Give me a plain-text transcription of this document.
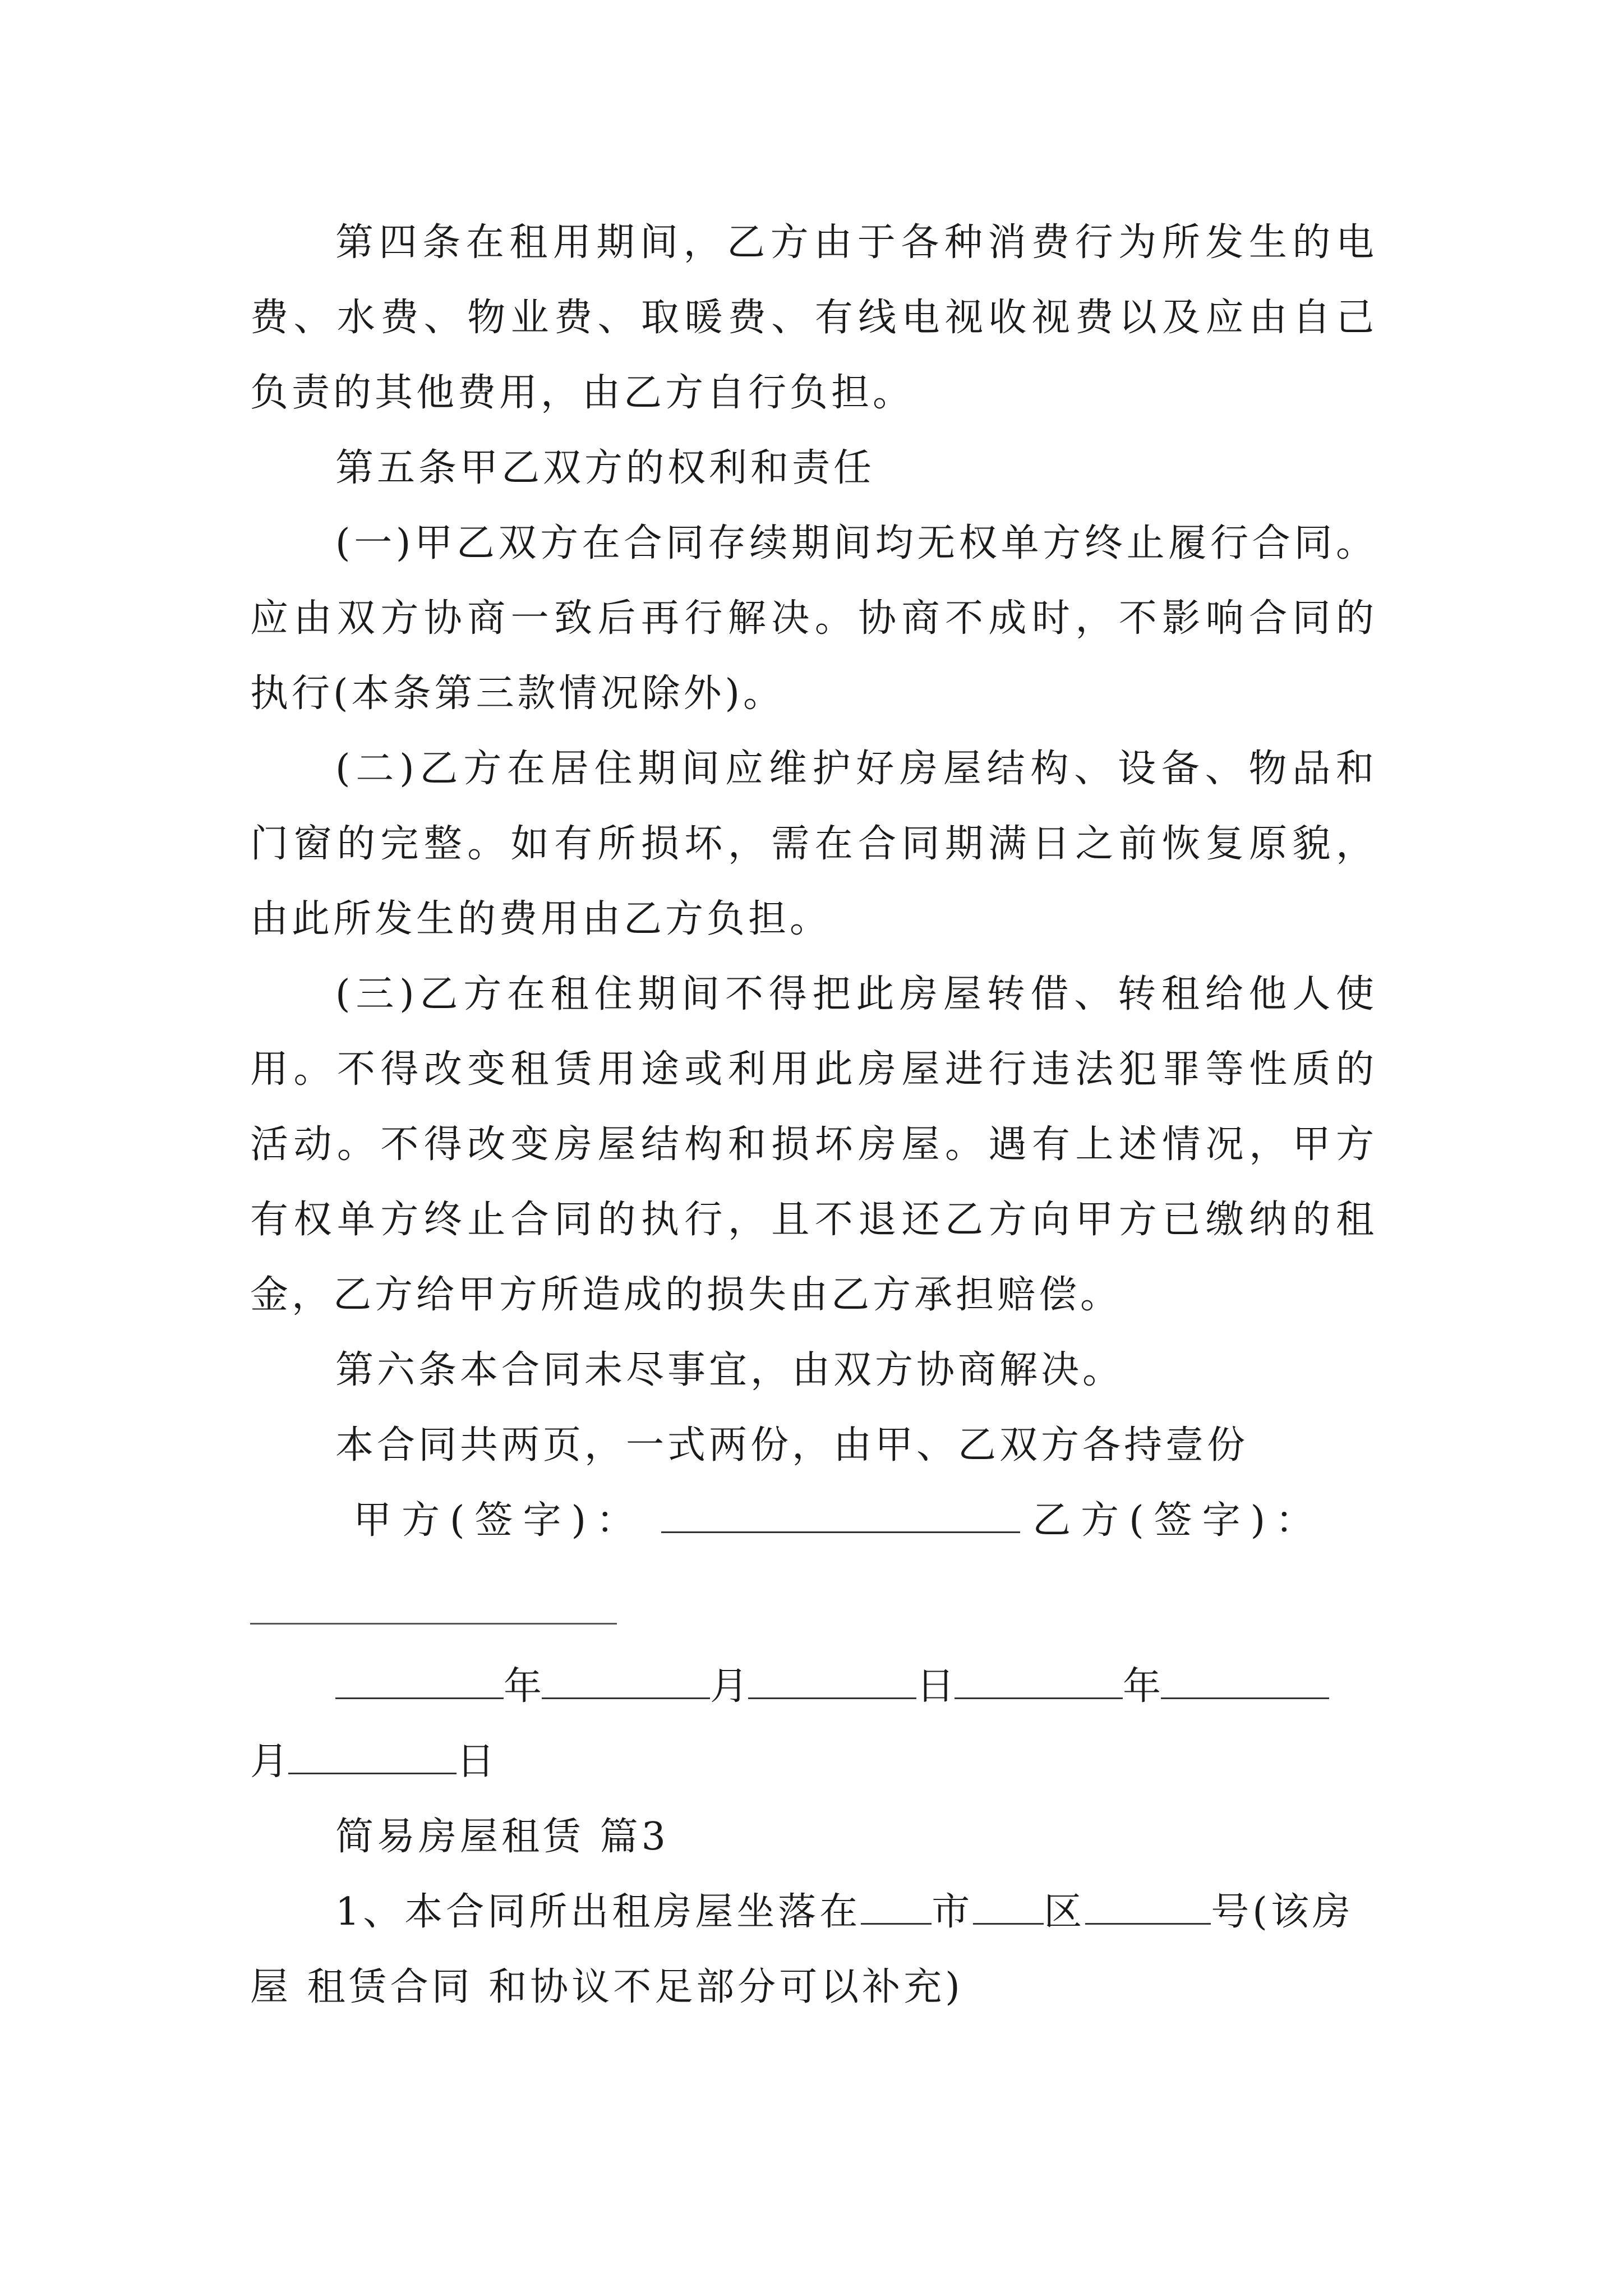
第四条在租用期间，乙方由于各种消费行为所发生的电
费、水费、物业费、取暖费、有线电视收视费以及应由自己
负责的其他费用，由乙方自行负担。
第五条甲乙双方的权利和责任
(一)甲乙双方在合同存续期间均无权单方终止履行合同。
应由双方协商一致后再行解决。协商不成时，不影响合同的
执行(本条第三款情况除外)。
(二)乙方在居住期间应维护好房屋结构、设备、物品和
门窗的完整。如有所损坏，需在合同期满日之前恢复原貌，
由此所发生的费用由乙方负担。
(三)乙方在租住期间不得把此房屋转借、转租给他人使
用。不得改变租赁用途或利用此房屋进行违法犯罪等性质的
活动。不得改变房屋结构和损坏房屋。遇有上述情况，甲方
有权单方终止合同的执行，且不退还乙方向甲方已缴纳的租
金，乙方给甲方所造成的损失由乙方承担赔偿。
第六条本合同未尽事宜，由双方协商解决。
本合同共两页，一式两份，由甲、乙双方各持壹份
甲方(签字)：	乙方(签字)：
年	月	日	年
月	日
简易房屋租赁 篇3
1、本合同所出租房屋坐落在 市 区	号(该房
屋 租赁合同 和协议不足部分可以补充)
